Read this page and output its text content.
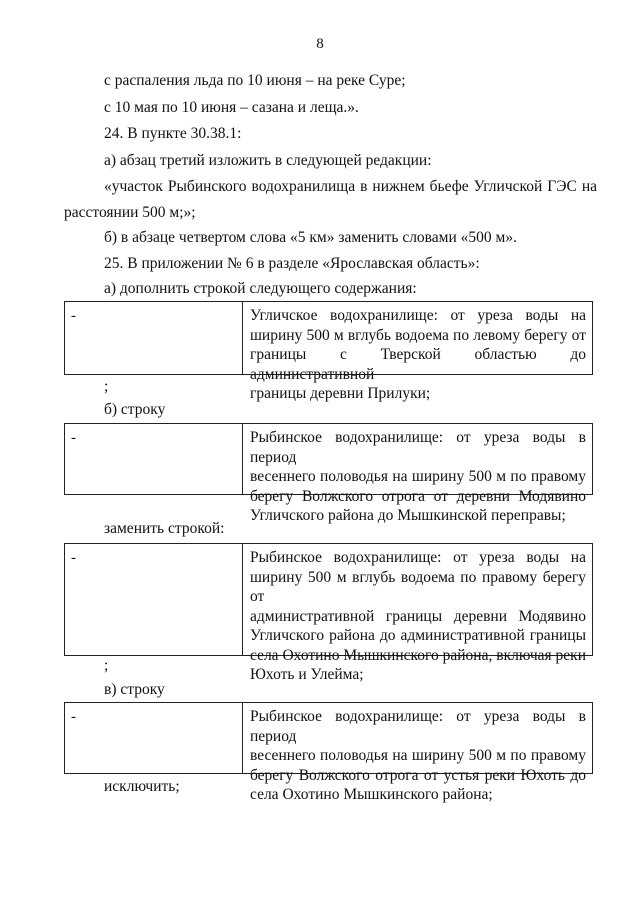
8
с распаления льда по 10 июня – на реке Суре;
с 10 мая по 10 июня – сазана и леща.».
24. В пункте 30.38.1:
а) абзац третий изложить в следующей редакции:
«участок Рыбинского водохранилища в нижнем бьефе Угличской ГЭС на
расстоянии 500 м;»;
б) в абзаце четвертом слова «5 км» заменить словами «500 м».
25. В приложении № 6 в разделе «Ярославская область»:
а) дополнить строкой следующего содержания:
-	Угличское водохранилище: от уреза воды на
ширину 500 м вглубь водоема по левому берегу от
границы с Тверской областью до административной
границы деревни Прилуки;
;
б) строку
-	Рыбинское водохранилище: от уреза воды в период
весеннего половодья на ширину 500 м по правому
берегу Волжского отрога от деревни Модявино
Угличского района до Мышкинской переправы;
заменить строкой:
-	Рыбинское водохранилище: от уреза воды на
ширину 500 м вглубь водоема по правому берегу от
административной границы деревни Модявино
Угличского района до административной границы
села Охотино Мышкинского района, включая реки
Юхоть и Улейма;
;
в) строку
-	Рыбинское водохранилище: от уреза воды в период
весеннего половодья на ширину 500 м по правому
берегу Волжского отрога от устья реки Юхоть до
села Охотино Мышкинского района;
исключить;
